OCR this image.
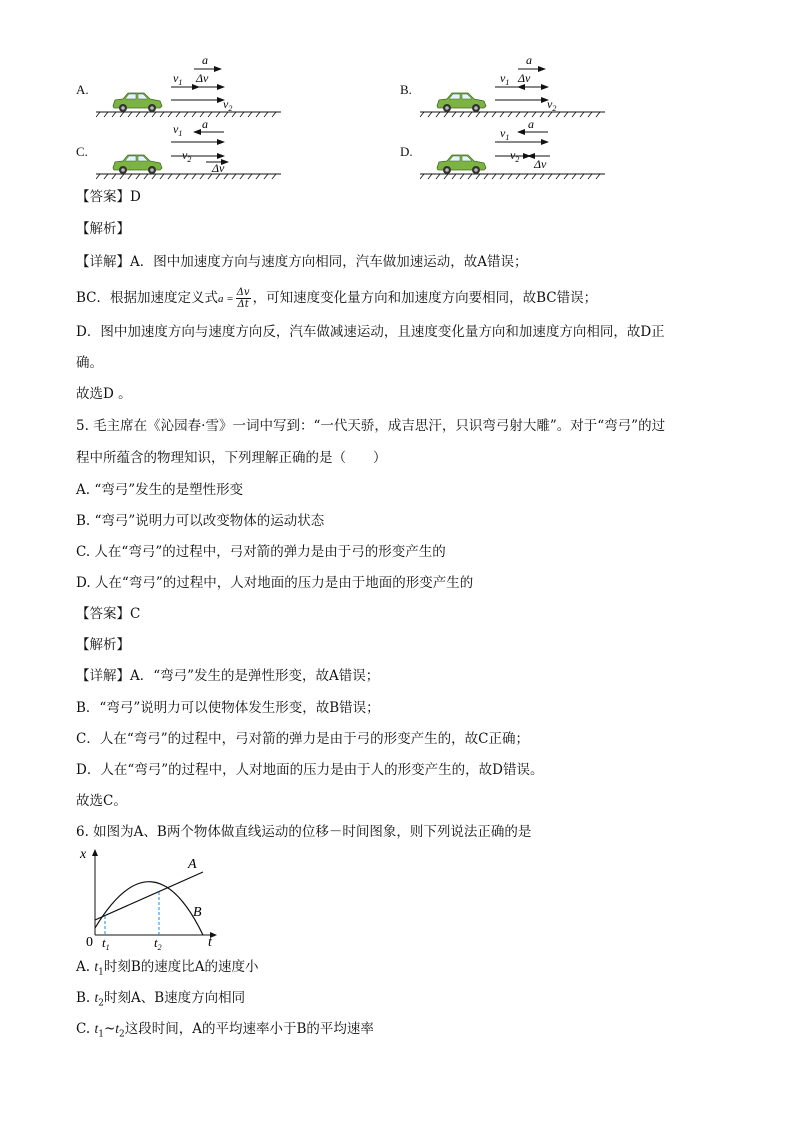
A.
a
$v_1$ Δv
$v_2$
B.
a
$v_1$ Δv
$v_2$
C.
$v_1$
a
$v_2$
Δv
D.
$v_1$
a
$v_2$ Δv
【答案】D
【解析】
【详解】A．图中加速度方向与速度方向相同，汽车做加速运动，故A错误；
BC．根据加速度定义式$a = \frac{\Delta v}{\Delta t}$ ，可知速度变化量方向和加速度方向要相同，故BC错误；
D．图中加速度方向与速度方向反，汽车做减速运动，且速度变化量方向和加速度方向相同，故D正
确。
故选D 。
5. 毛主席在《沁园春·雪》一词中写到：“一代天骄，成吉思汗，只识弯弓射大雕”。对于“弯弓”的过
程中所蕴含的物理知识，下列理解正确的是（　　）
A. “弯弓”发生的是塑性形变
B. “弯弓”说明力可以改变物体的运动状态
C. 人在“弯弓”的过程中，弓对箭的弹力是由于弓的形变产生的
D. 人在“弯弓”的过程中，人对地面的压力是由于地面的形变产生的
【答案】C
【解析】
【详解】A．“弯弓”发生的是弹性形变，故A错误；
B．“弯弓”说明力可以使物体发生形变，故B错误；
C．人在“弯弓”的过程中，弓对箭的弹力是由于弓的形变产生的，故C正确；
D．人在“弯弓”的过程中，人对地面的压力是由于人的形变产生的，故D错误。
故选C。
6. 如图为A、B两个物体做直线运动的位移－时间图象，则下列说法正确的是
x
t
0 $t_1$	$t_2$
A
B
A. $t_1$时刻B的速度比A的速度小
B. $t_2$时刻A、B速度方向相同
C. $t_1\sim t_2$这段时间，A的平均速率小于B的平均速率
